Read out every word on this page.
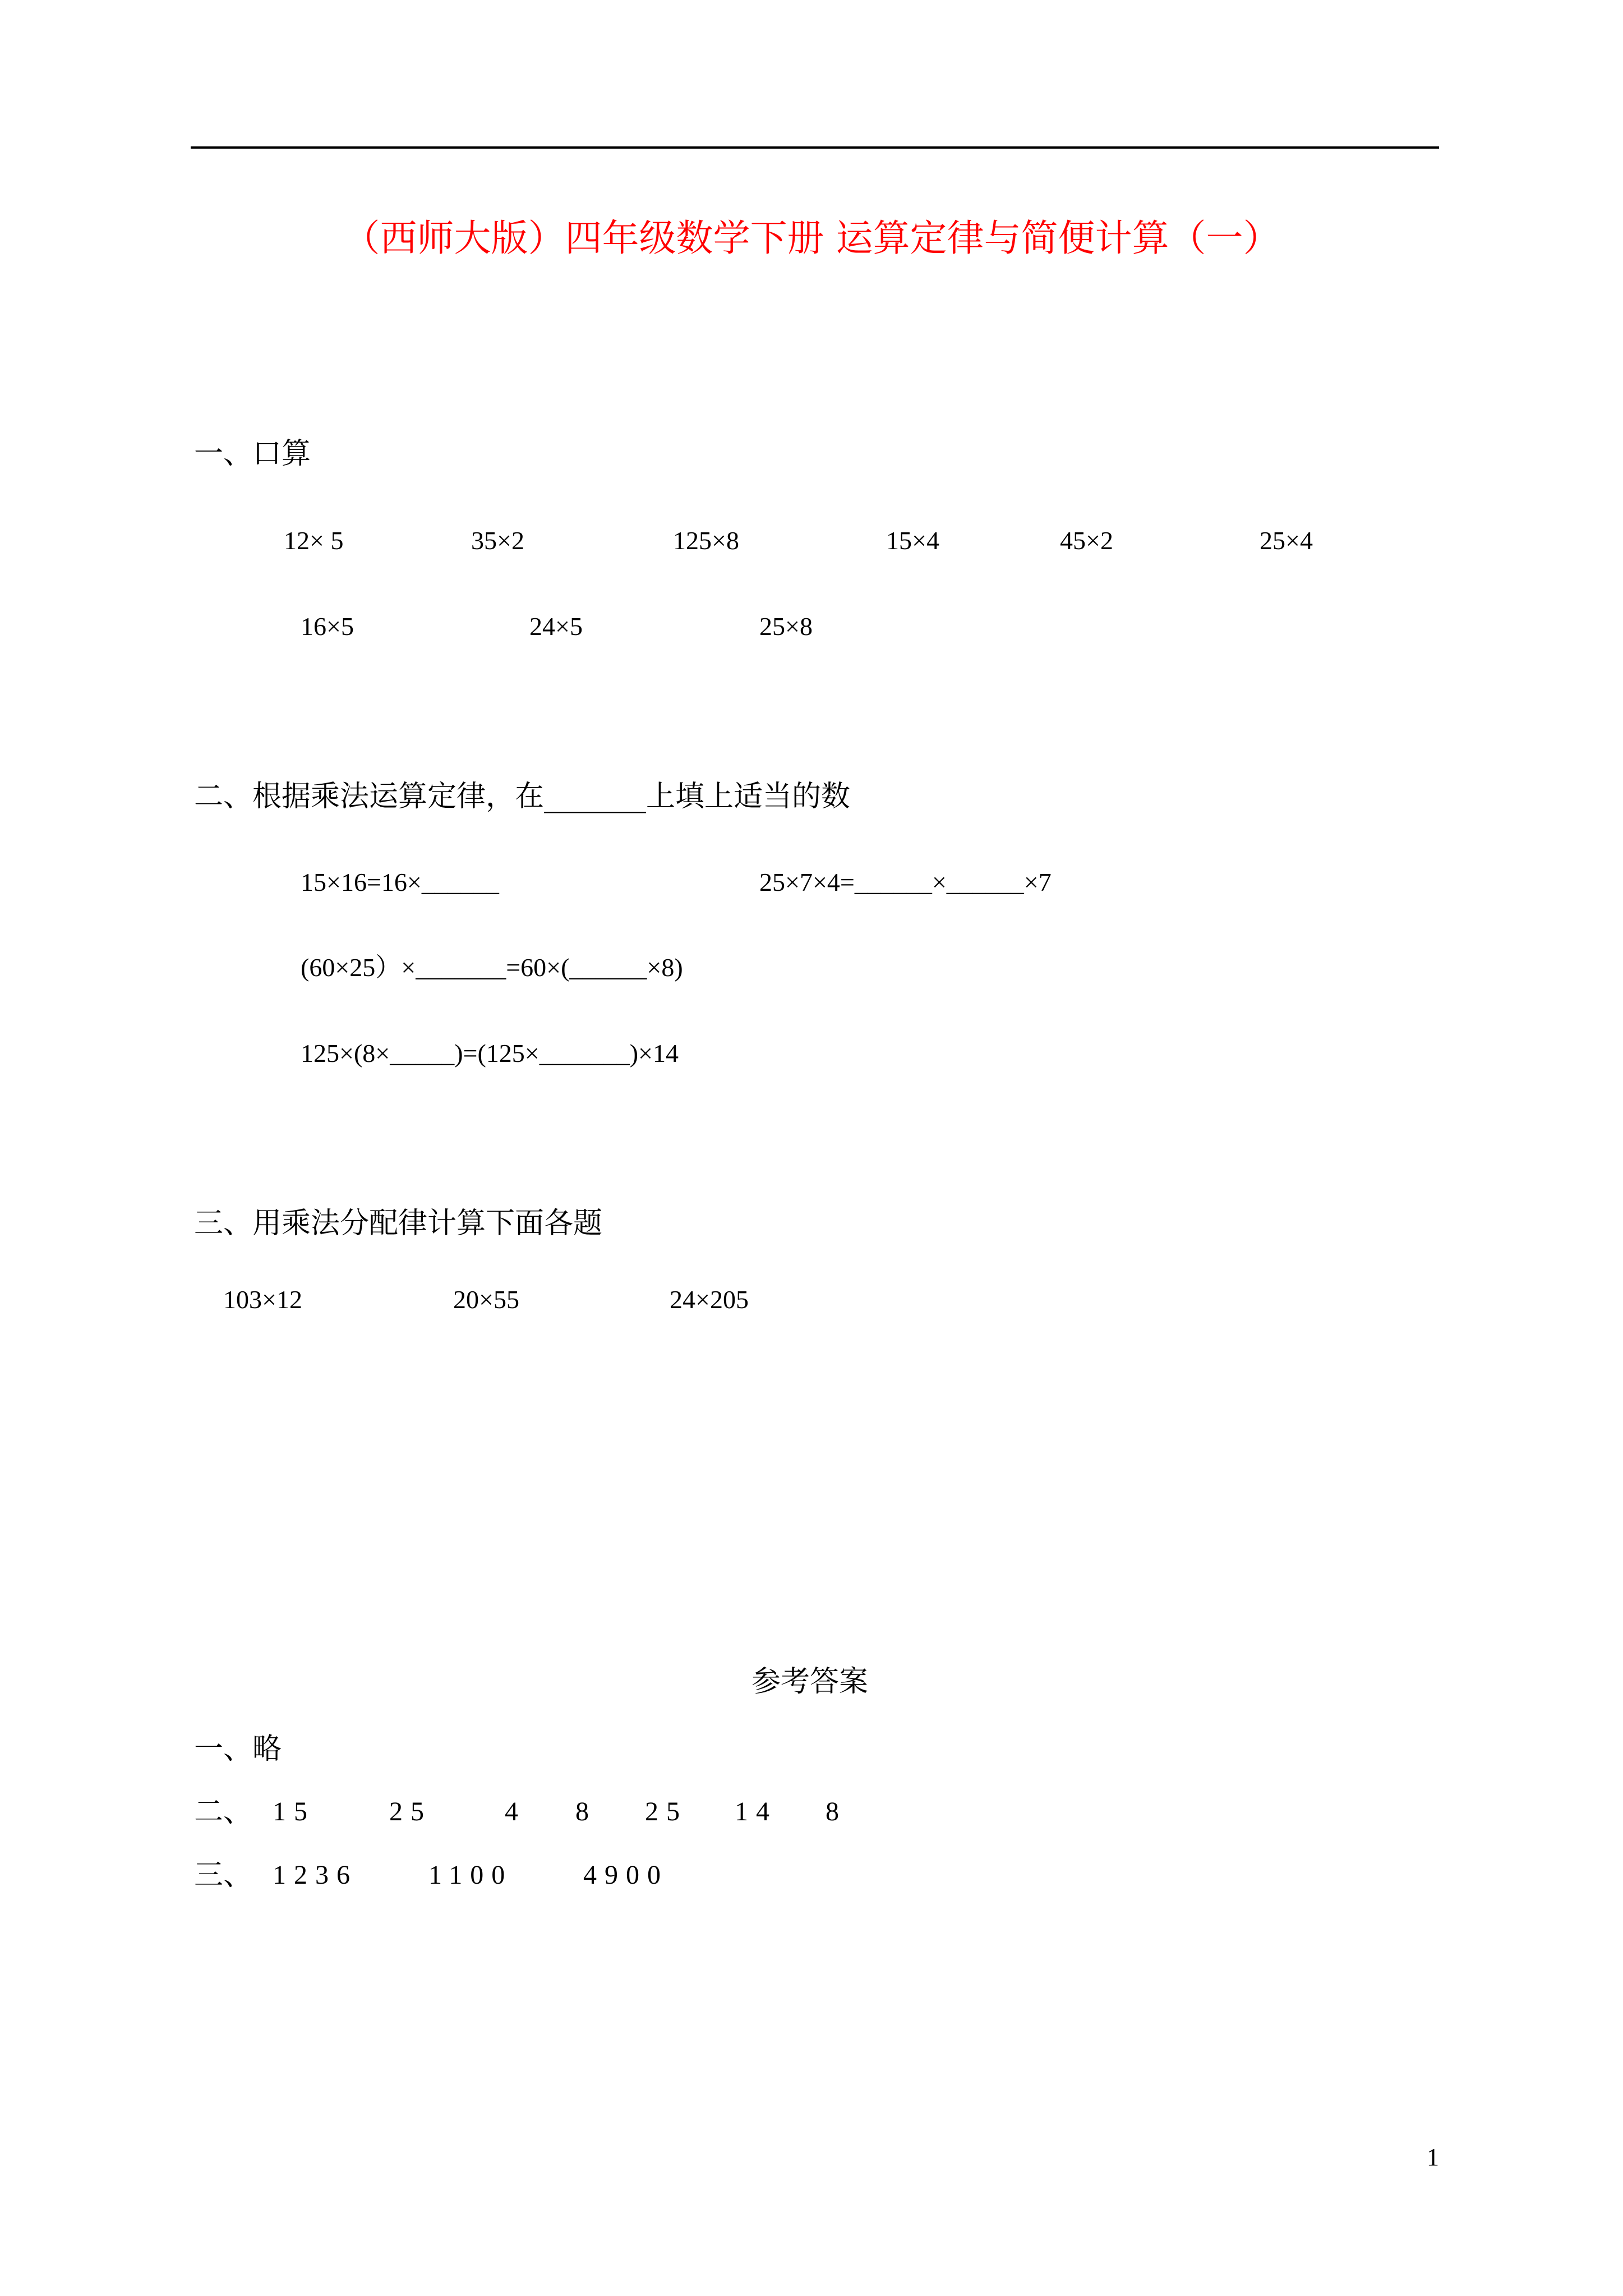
（西师大版）四年级数学下册 运算定律与简便计算（一）
一、口算
12× 5	35×2	125×8	15×4	45×2	25×4
16×5	24×5	25×8
二、根据乘法运算定律，在_______上填上适当的数
15×16=16×______	25×7×4=______×______×7
(60×25）×_______=60×(______×8)
125×(8×_____)=(125×_______)×14
三、用乘法分配律计算下面各题
103×12	20×55	24×205
参考答案
一、略
二、 15	25	4 8 25 14 8
三、 1236	1100	4900
1
